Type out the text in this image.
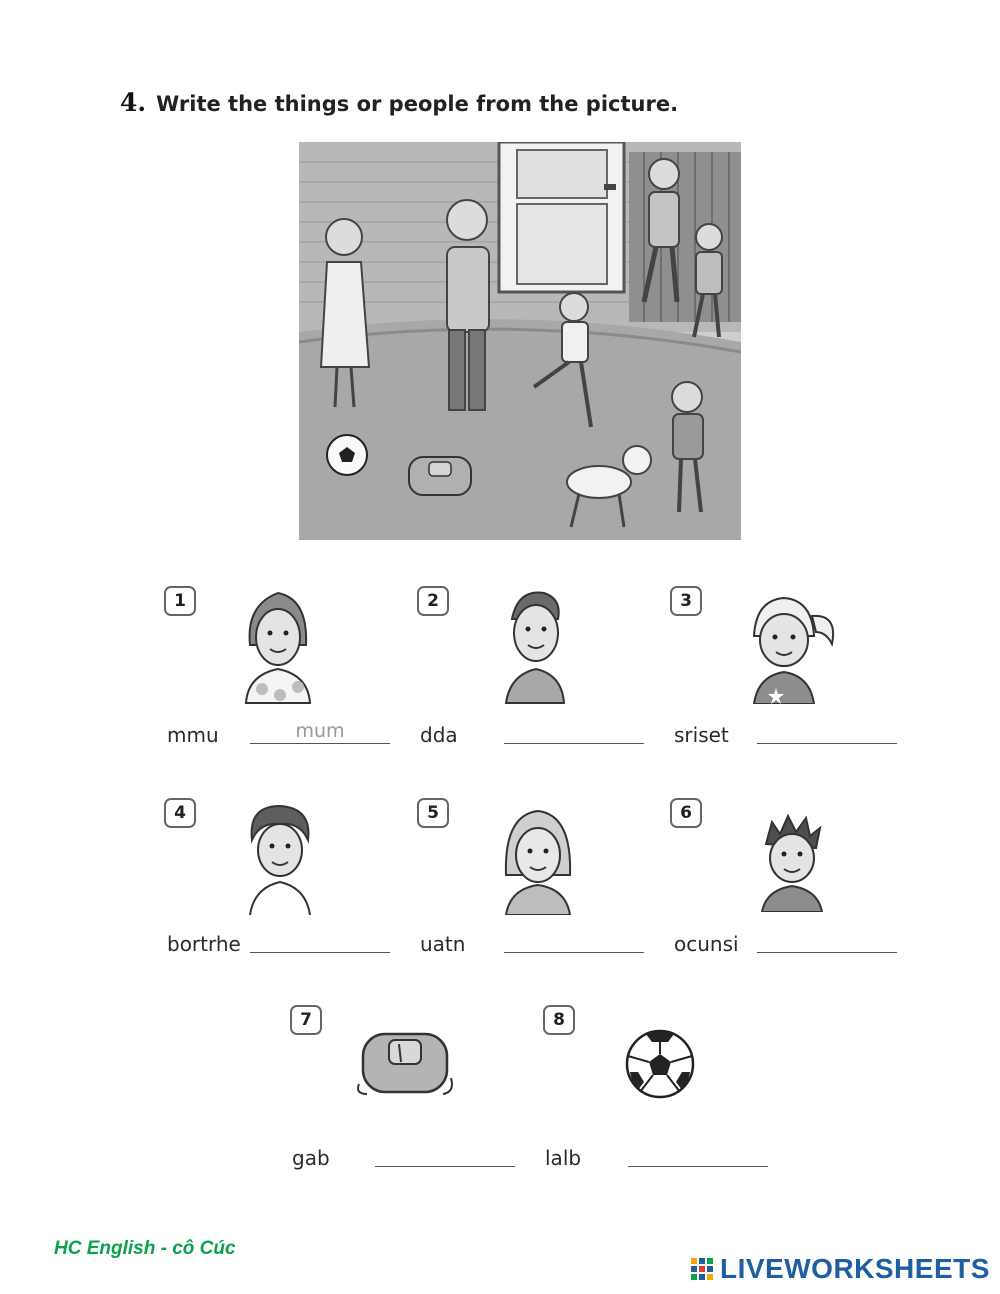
4. Write the things or people from the picture.
1
mmu
mum
2
dda
3
sriset
4
bortrhe
5
uatn
6
ocunsi
7
gab
8
lalb
HC English - cô Cúc
LIVEWORKSHEETS
